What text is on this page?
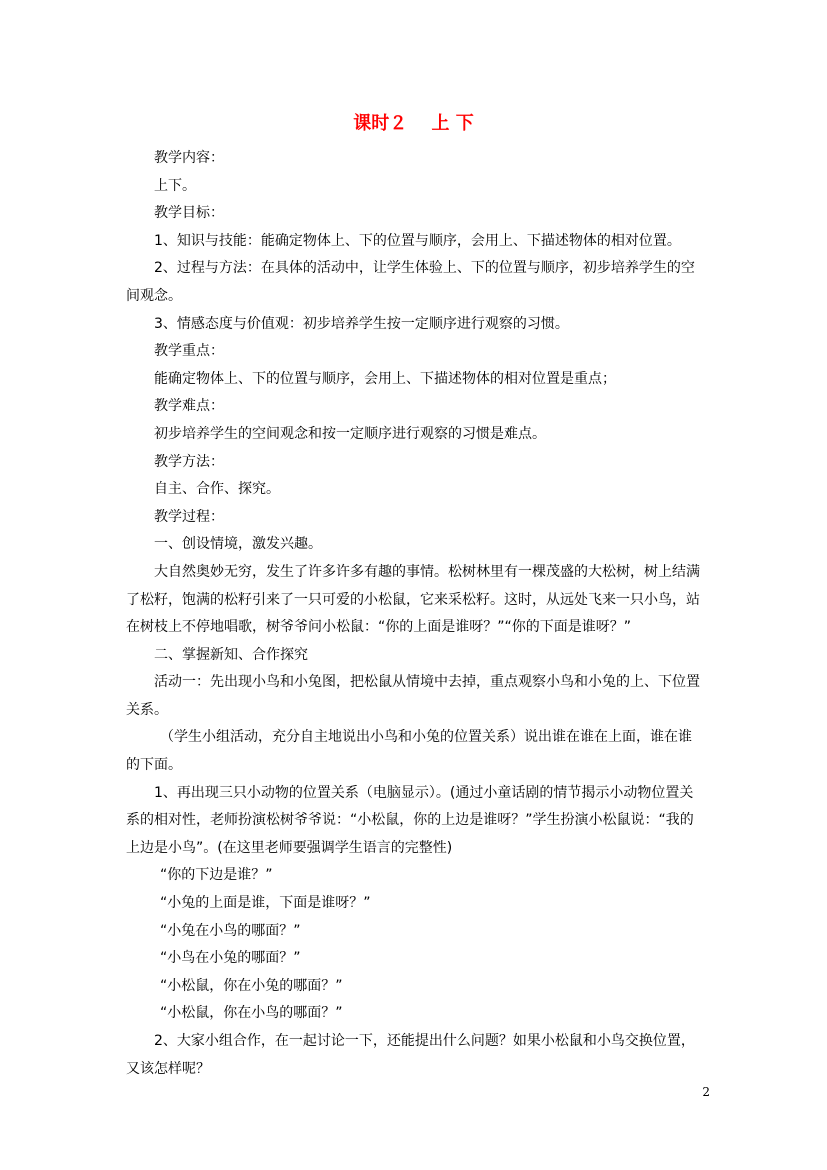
课时２　 上 下

教学内容：

上下。

教学目标：

1、知识与技能：能确定物体上、下的位置与顺序，会用上、下描述物体的相对位置。

2、过程与方法：在具体的活动中，让学生体验上、下的位置与顺序，初步培养学生的空间观念。

3、情感态度与价值观：初步培养学生按一定顺序进行观察的习惯。

教学重点：

能确定物体上、下的位置与顺序，会用上、下描述物体的相对位置是重点；

教学难点：

初步培养学生的空间观念和按一定顺序进行观察的习惯是难点。

教学方法：

自主、合作、探究。

教学过程：

一、创设情境，激发兴趣。

大自然奥妙无穷，发生了许多许多有趣的事情。松树林里有一棵茂盛的大松树，树上结满了松籽，饱满的松籽引来了一只可爱的小松鼠，它来采松籽。这时，从远处飞来一只小鸟，站在树枝上不停地唱歌，树爷爷问小松鼠：“你的上面是谁呀？”“你的下面是谁呀？”

二、掌握新知、合作探究

活动一：先出现小鸟和小兔图，把松鼠从情境中去掉，重点观察小鸟和小兔的上、下位置关系。

（学生小组活动，充分自主地说出小鸟和小兔的位置关系）说出谁在谁在上面，谁在谁的下面。

1、再出现三只小动物的位置关系（电脑显示）。(通过小童话剧的情节揭示小动物位置关系的相对性，老师扮演松树爷爷说：“小松鼠，你的上边是谁呀？”学生扮演小松鼠说：“我的上边是小鸟”。(在这里老师要强调学生语言的完整性)

“你的下边是谁？”

“小兔的上面是谁，下面是谁呀？”

“小兔在小鸟的哪面？”

“小鸟在小兔的哪面？”

“小松鼠，你在小兔的哪面？”

“小松鼠，你在小鸟的哪面？”

2、大家小组合作，在一起讨论一下，还能提出什么问题？如果小松鼠和小鸟交换位置，又该怎样呢？

2
